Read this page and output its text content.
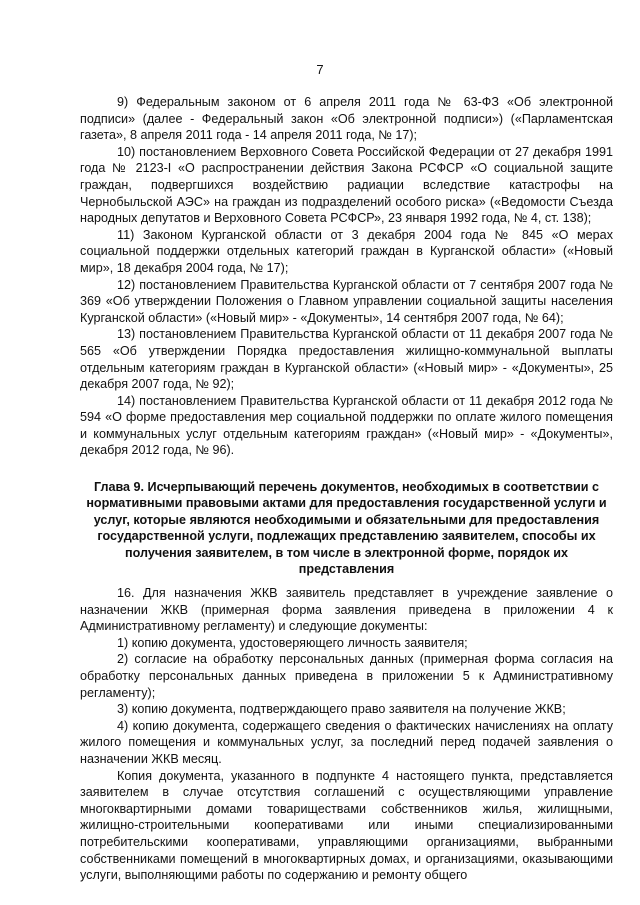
7

9) Федеральным законом от 6 апреля 2011 года № 63-ФЗ «Об электронной подписи» (далее - Федеральный закон «Об электронной подписи») («Парламентская газета», 8 апреля 2011 года - 14 апреля 2011 года, № 17);

10) постановлением Верховного Совета Российской Федерации от 27 декабря 1991 года № 2123-I «О распространении действия Закона РСФСР «О социальной защите граждан, подвергшихся воздействию радиации вследствие катастрофы на Чернобыльской АЭС» на граждан из подразделений особого риска» («Ведомости Съезда народных депутатов и Верховного Совета РСФСР», 23 января 1992 года, № 4, ст. 138);

11) Законом Курганской области от 3 декабря 2004 года № 845 «О мерах социальной поддержки отдельных категорий граждан в Курганской области» («Новый мир», 18 декабря 2004 года, № 17);

12) постановлением Правительства Курганской области от 7 сентября 2007 года № 369 «Об утверждении Положения о Главном управлении социальной защиты населения Курганской области» («Новый мир» - «Документы», 14 сентября 2007 года, № 64);

13) постановлением Правительства Курганской области от 11 декабря 2007 года № 565 «Об утверждении Порядка предоставления жилищно-коммунальной выплаты отдельным категориям граждан в Курганской области» («Новый мир» - «Документы», 25 декабря 2007 года, № 92);

14) постановлением Правительства Курганской области от 11 декабря 2012 года № 594 «О форме предоставления мер социальной поддержки по оплате жилого помещения и коммунальных услуг отдельным категориям граждан» («Новый мир» - «Документы», декабря 2012 года, № 96).

Глава 9. Исчерпывающий перечень документов, необходимых в соответствии с нормативными правовыми актами для предоставления государственной услуги и услуг, которые являются необходимыми и обязательными для предоставления государственной услуги, подлежащих представлению заявителем, способы их получения заявителем, в том числе в электронной форме, порядок их представления

16. Для назначения ЖКВ заявитель представляет в учреждение заявление о назначении ЖКВ (примерная форма заявления приведена в приложении 4 к Административному регламенту) и следующие документы:

1) копию документа, удостоверяющего личность заявителя;

2) согласие на обработку персональных данных (примерная форма согласия на обработку персональных данных приведена в приложении 5 к Административному регламенту);

3) копию документа, подтверждающего право заявителя на получение ЖКВ;

4) копию документа, содержащего сведения о фактических начислениях на оплату жилого помещения и коммунальных услуг, за последний перед подачей заявления о назначении ЖКВ месяц.

Копия документа, указанного в подпункте 4 настоящего пункта, представляется заявителем в случае отсутствия соглашений с осуществляющими управление многоквартирными домами товариществами собственников жилья, жилищными, жилищно-строительными кооперативами или иными специализированными потребительскими кооперативами, управляющими организациями, выбранными собственниками помещений в многоквартирных домах, и организациями, оказывающими услуги, выполняющими работы по содержанию и ремонту общего
